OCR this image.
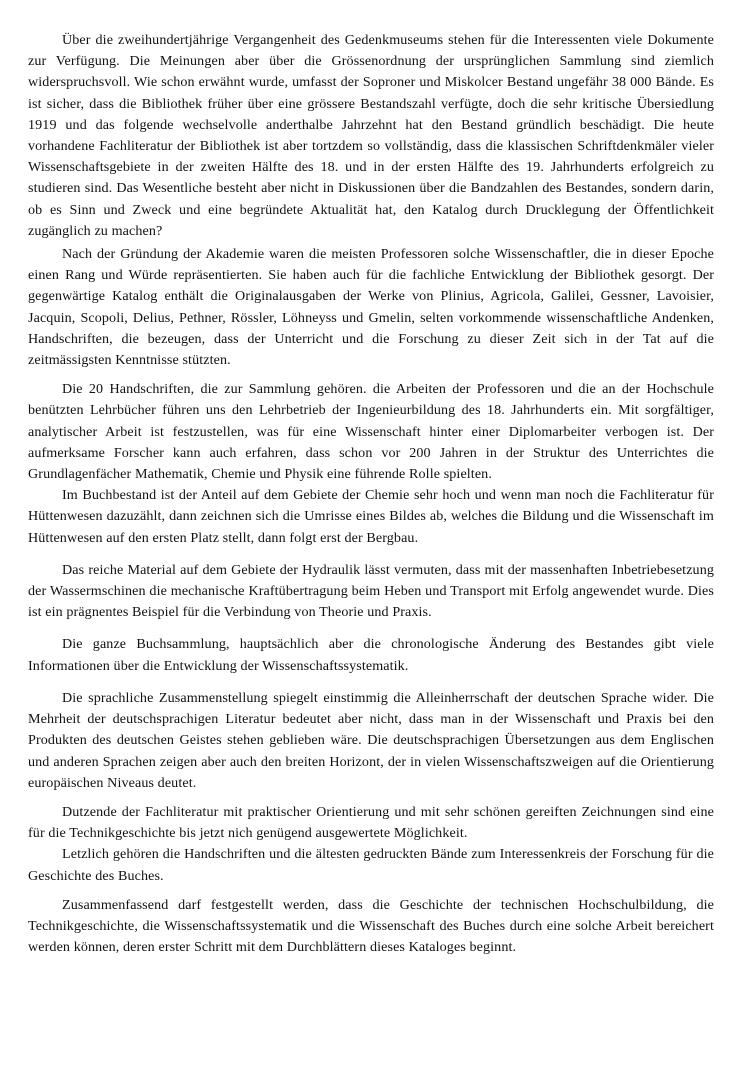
Über die zweihundertjährige Vergangenheit des Gedenkmuseums stehen für die Interessenten viele Dokumente zur Verfügung. Die Meinungen aber über die Grössenordnung der ursprünglichen Sammlung sind ziemlich widerspruchsvoll. Wie schon erwähnt wurde, umfasst der Soproner und Miskolcer Bestand ungefähr 38 000 Bände. Es ist sicher, dass die Bibliothek früher über eine grössere Bestandszahl verfügte, doch die sehr kritische Übersiedlung 1919 und das folgende wechselvolle anderthalbe Jahrzehnt hat den Bestand gründlich beschädigt. Die heute vorhandene Fachliteratur der Bibliothek ist aber tortzdem so vollständig, dass die klassischen Schriftdenkmäler vieler Wissenschaftsgebiete in der zweiten Hälfte des 18. und in der ersten Hälfte des 19. Jahrhunderts erfolgreich zu studieren sind. Das Wesentliche besteht aber nicht in Diskussionen über die Bandzahlen des Bestandes, sondern darin, ob es Sinn und Zweck und eine begründete Aktualität hat, den Katalog durch Drucklegung der Öffentlichkeit zugänglich zu machen?

Nach der Gründung der Akademie waren die meisten Professoren solche Wissenschaftler, die in dieser Epoche einen Rang und Würde repräsentierten. Sie haben auch für die fachliche Entwicklung der Bibliothek gesorgt. Der gegenwärtige Katalog enthält die Originalausgaben der Werke von Plinius, Agricola, Galilei, Gessner, Lavoisier, Jacquin, Scopoli, Delius, Pethner, Rössler, Löhneyss und Gmelin, selten vorkommende wissenschaftliche Andenken, Handschriften, die bezeugen, dass der Unterricht und die Forschung zu dieser Zeit sich in der Tat auf die zeitmässigsten Kenntnisse stützten.

Die 20 Handschriften, die zur Sammlung gehören. die Arbeiten der Professoren und die an der Hochschule benützten Lehrbücher führen uns den Lehrbetrieb der Ingenieurbildung des 18. Jahrhunderts ein. Mit sorgfältiger, analytischer Arbeit ist festzustellen, was für eine Wissenschaft hinter einer Diplomarbeiter verbogen ist. Der aufmerksame Forscher kann auch erfahren, dass schon vor 200 Jahren in der Struktur des Unterrichtes die Grundlagenfächer Mathematik, Chemie und Physik eine führende Rolle spielten.

Im Buchbestand ist der Anteil auf dem Gebiete der Chemie sehr hoch und wenn man noch die Fachliteratur für Hüttenwesen dazuzählt, dann zeichnen sich die Umrisse eines Bildes ab, welches die Bildung und die Wissenschaft im Hüttenwesen auf den ersten Platz stellt, dann folgt erst der Bergbau.

Das reiche Material auf dem Gebiete der Hydraulik lässt vermuten, dass mit der massenhaften Inbetriebesetzung der Wassermschinen die mechanische Kraftübertragung beim Heben und Transport mit Erfolg angewendet wurde. Dies ist ein prägnentes Beispiel für die Verbindung von Theorie und Praxis.

Die ganze Buchsammlung, hauptsächlich aber die chronologische Änderung des Bestandes gibt viele Informationen über die Entwicklung der Wissenschaftssystematik.

Die sprachliche Zusammenstellung spiegelt einstimmig die Alleinherrschaft der deutschen Sprache wider. Die Mehrheit der deutschsprachigen Literatur bedeutet aber nicht, dass man in der Wissenschaft und Praxis bei den Produkten des deutschen Geistes stehen geblieben wäre. Die deutschsprachigen Übersetzungen aus dem Englischen und anderen Sprachen zeigen aber auch den breiten Horizont, der in vielen Wissenschaftszweigen auf die Orientierung europäischen Niveaus deutet.

Dutzende der Fachliteratur mit praktischer Orientierung und mit sehr schönen gereiften Zeichnungen sind eine für die Technikgeschichte bis jetzt nich genügend ausgewertete Möglichkeit.

Letzlich gehören die Handschriften und die ältesten gedruckten Bände zum Interessenkreis der Forschung für die Geschichte des Buches.

Zusammenfassend darf festgestellt werden, dass die Geschichte der technischen Hochschulbildung, die Technikgeschichte, die Wissenschaftssystematik und die Wissenschaft des Buches durch eine solche Arbeit bereichert werden können, deren erster Schritt mit dem Durchblättern dieses Kataloges beginnt.
